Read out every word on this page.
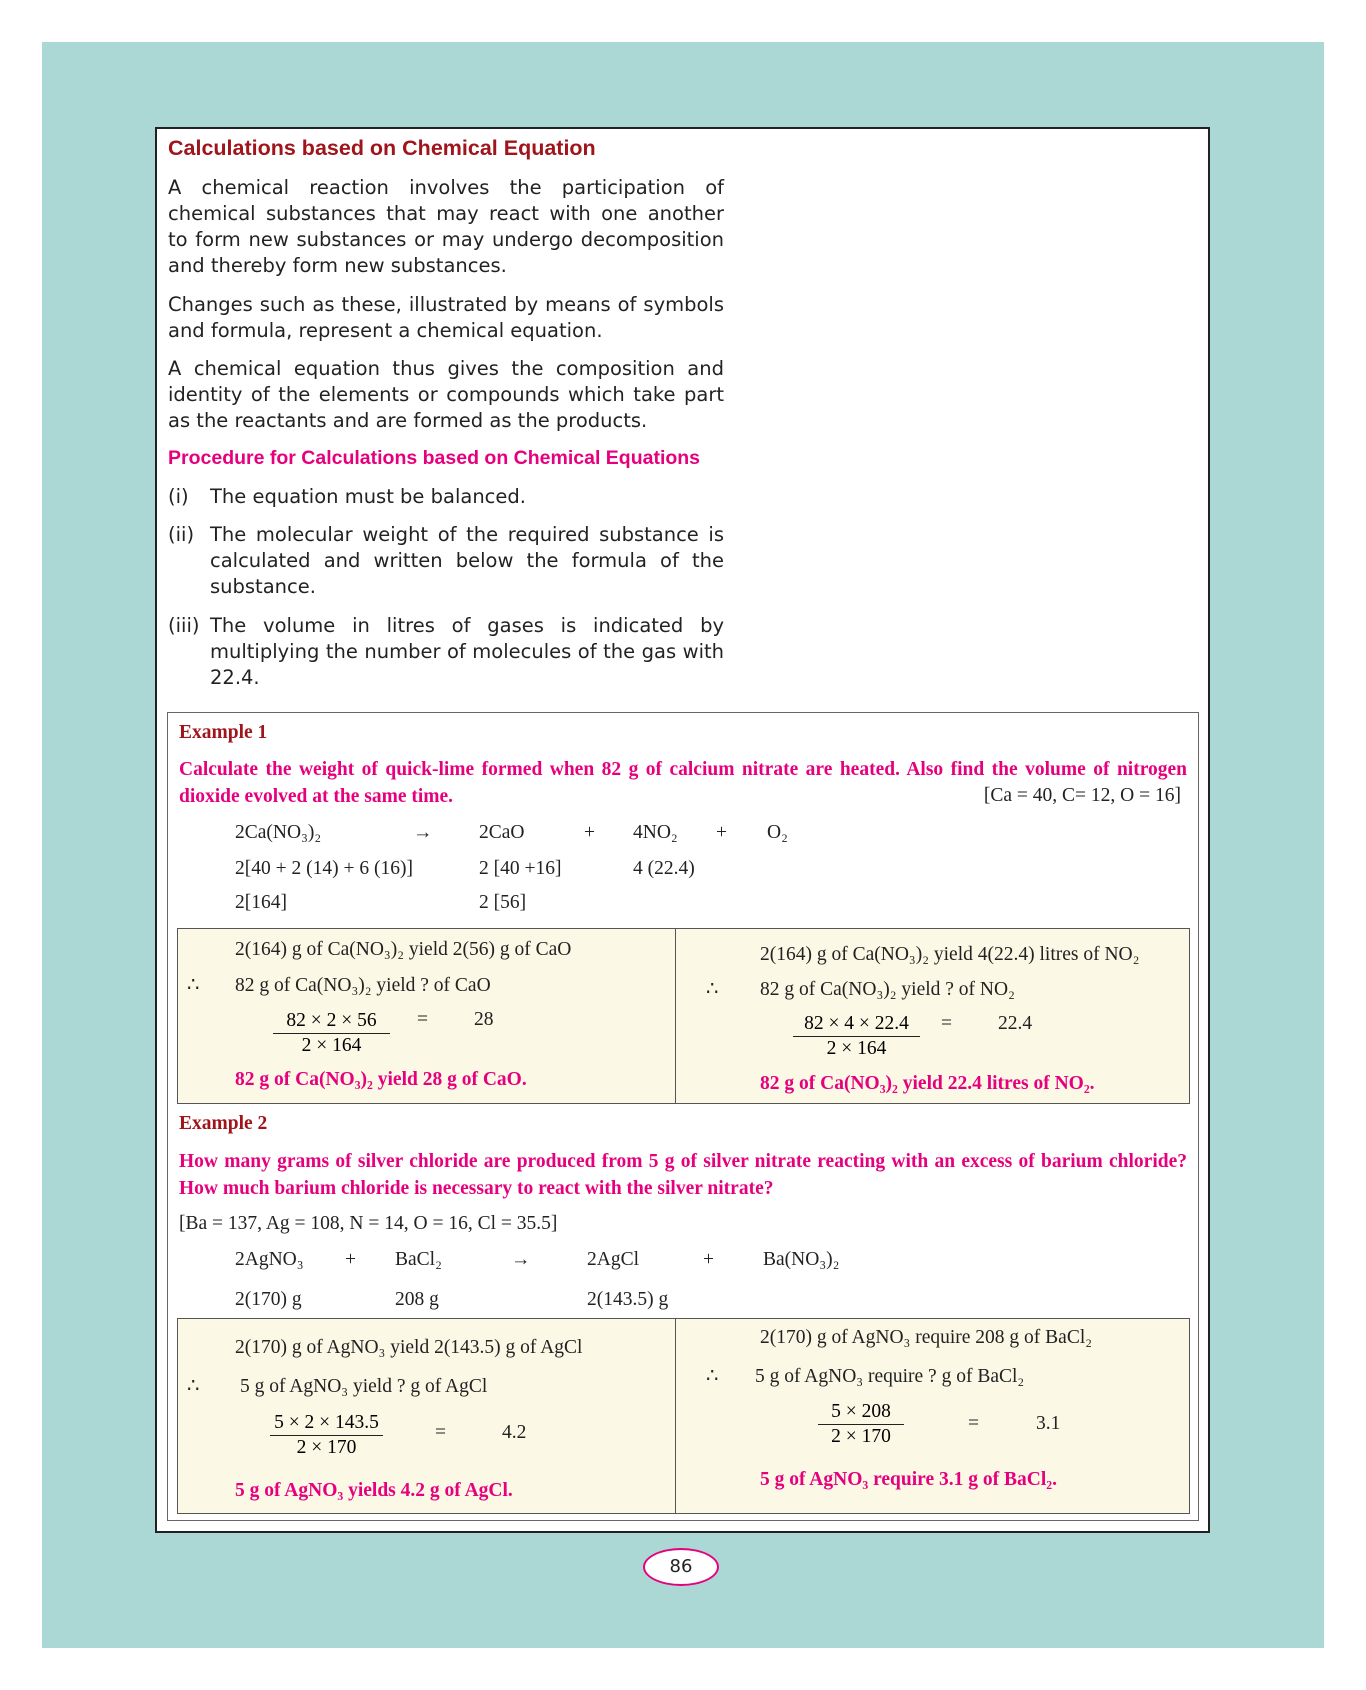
Calculations based on Chemical Equation
A chemical reaction involves the participation of
chemical substances that may react with one another
to form new substances or may undergo decomposition
and thereby form new substances.
Changes such as these, illustrated by means of symbols
and formula, represent a chemical equation.
A chemical equation thus gives the composition and
identity of the elements or compounds which take part
as the reactants and are formed as the products.
Procedure for Calculations based on Chemical Equations
(i) The equation must be balanced.
(ii) The molecular weight of the required substance is calculated and written below the formula of the substance.
(iii) The volume in litres of gases is indicated by multiplying the number of molecules of the gas with 22.4.
Example 1
Calculate the weight of quick-lime formed when 82 g of calcium nitrate are heated. Also find the volume of nitrogen dioxide evolved at the same time.	[Ca = 40, C= 12, O = 16]
2Ca(NO₃)₂	→ 2CaO	+ 4NO₂ + O₂
2[40 + 2 (14) + 6 (16)]	2 [40 +16]	4 (22.4)
2[164]	2 [56]
2(164) g of Ca(NO₃)₂ yield 2(56) g of CaO
∴ 82 g of Ca(NO₃)₂ yield ? of CaO
$\frac{82 \times 2 \times 56}{2 \times 164} = 28$
82 g of Ca(NO₃)₂ yield 28 g of CaO.
2(164) g of Ca(NO₃)₂ yield 4(22.4) litres of NO₂
∴ 82 g of Ca(NO₃)₂ yield ? of NO₂
$\frac{82 \times 4 \times 22.4}{2 \times 164} = 22.4$
82 g of Ca(NO₃)₂ yield 22.4 litres of NO₂.
Example 2
How many grams of silver chloride are produced from 5 g of silver nitrate reacting with an excess of barium chloride? How much barium chloride is necessary to react with the silver nitrate?
[Ba = 137, Ag = 108, N = 14, O = 16, Cl = 35.5]
2AgNO₃ + BaCl₂	→	2AgCl	+	Ba(NO₃)₂
2(170) g	208 g	2(143.5) g
2(170) g of AgNO₃ yield 2(143.5) g of AgCl
∴ 5 g of AgNO₃ yield ? g of AgCl
$\frac{5 \times 2 \times 143.5}{2 \times 170}$	=	4.2
5 g of AgNO₃ yields 4.2 g of AgCl.
2(170) g of AgNO₃ require 208 g of BaCl₂
∴ 5 g of AgNO₃ require ? g of BaCl₂
$\frac{5 \times 208}{2 \times 170}$	=	3.1
5 g of AgNO₃ require 3.1 g of BaCl₂.
86
